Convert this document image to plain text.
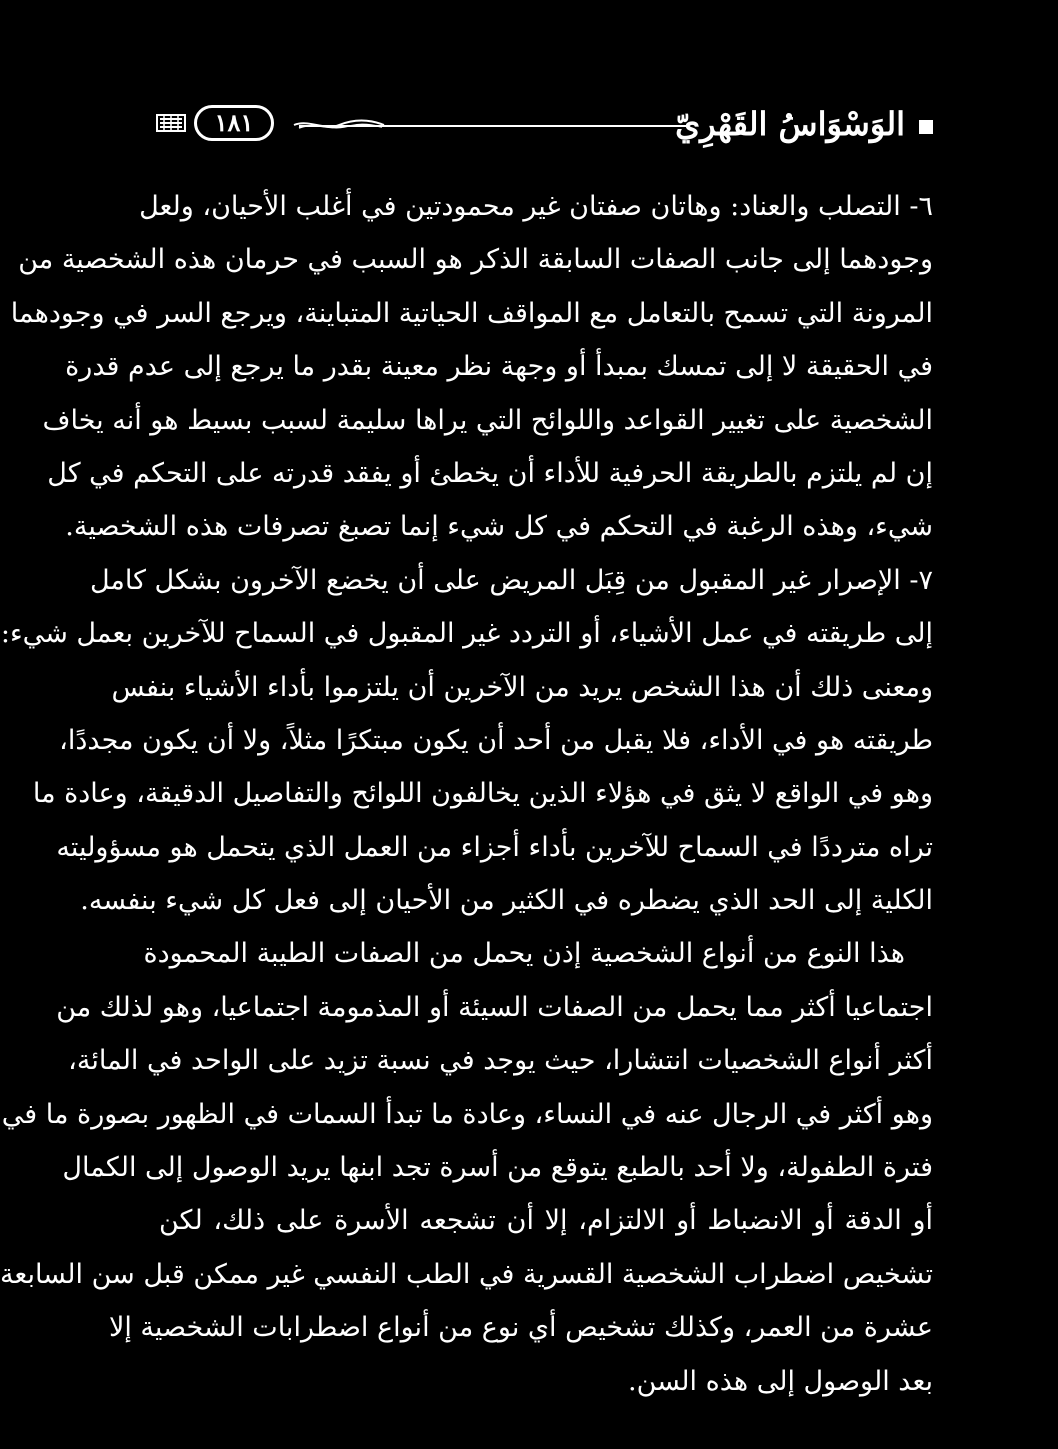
الوَسْوَاسُ القَهْرِيّ
١٨١
٦- التصلب والعناد: وهاتان صفتان غير محمودتين في أغلب الأحيان، ولعل
وجودهما إلى جانب الصفات السابقة الذكر هو السبب في حرمان هذه الشخصية من
المرونة التي تسمح بالتعامل مع المواقف الحياتية المتباينة، ويرجع السر في وجودهما
في الحقيقة لا إلى تمسك بمبدأ أو وجهة نظر معينة بقدر ما يرجع إلى عدم قدرة
الشخصية على تغيير القواعد واللوائح التي يراها سليمة لسبب بسيط هو أنه يخاف
إن لم يلتزم بالطريقة الحرفية للأداء أن يخطئ أو يفقد قدرته على التحكم في كل
شيء، وهذه الرغبة في التحكم في كل شيء إنما تصبغ تصرفات هذه الشخصية.
٧- الإصرار غير المقبول من قِبَل المريض على أن يخضع الآخرون بشكل كامل
إلى طريقته في عمل الأشياء، أو التردد غير المقبول في السماح للآخرين بعمل شيء:
ومعنى ذلك أن هذا الشخص يريد من الآخرين أن يلتزموا بأداء الأشياء بنفس
طريقته هو في الأداء، فلا يقبل من أحد أن يكون مبتكرًا مثلاً، ولا أن يكون مجددًا،
وهو في الواقع لا يثق في هؤلاء الذين يخالفون اللوائح والتفاصيل الدقيقة، وعادة ما
تراه مترددًا في السماح للآخرين بأداء أجزاء من العمل الذي يتحمل هو مسؤوليته
الكلية إلى الحد الذي يضطره في الكثير من الأحيان إلى فعل كل شيء بنفسه.
هذا النوع من أنواع الشخصية إذن يحمل من الصفات الطيبة المحمودة
اجتماعيا أكثر مما يحمل من الصفات السيئة أو المذمومة اجتماعيا، وهو لذلك من
أكثر أنواع الشخصيات انتشارا، حيث يوجد في نسبة تزيد على الواحد في المائة،
وهو أكثر في الرجال عنه في النساء، وعادة ما تبدأ السمات في الظهور بصورة ما في
فترة الطفولة، ولا أحد بالطبع يتوقع من أسرة تجد ابنها يريد الوصول إلى الكمال
أو الدقة أو الانضباط أو الالتزام، إلا أن تشجعه الأسرة على ذلك، لكن
تشخيص اضطراب الشخصية القسرية في الطب النفسي غير ممكن قبل سن السابعة
عشرة من العمر، وكذلك تشخيص أي نوع من أنواع اضطرابات الشخصية إلا
بعد الوصول إلى هذه السن.
